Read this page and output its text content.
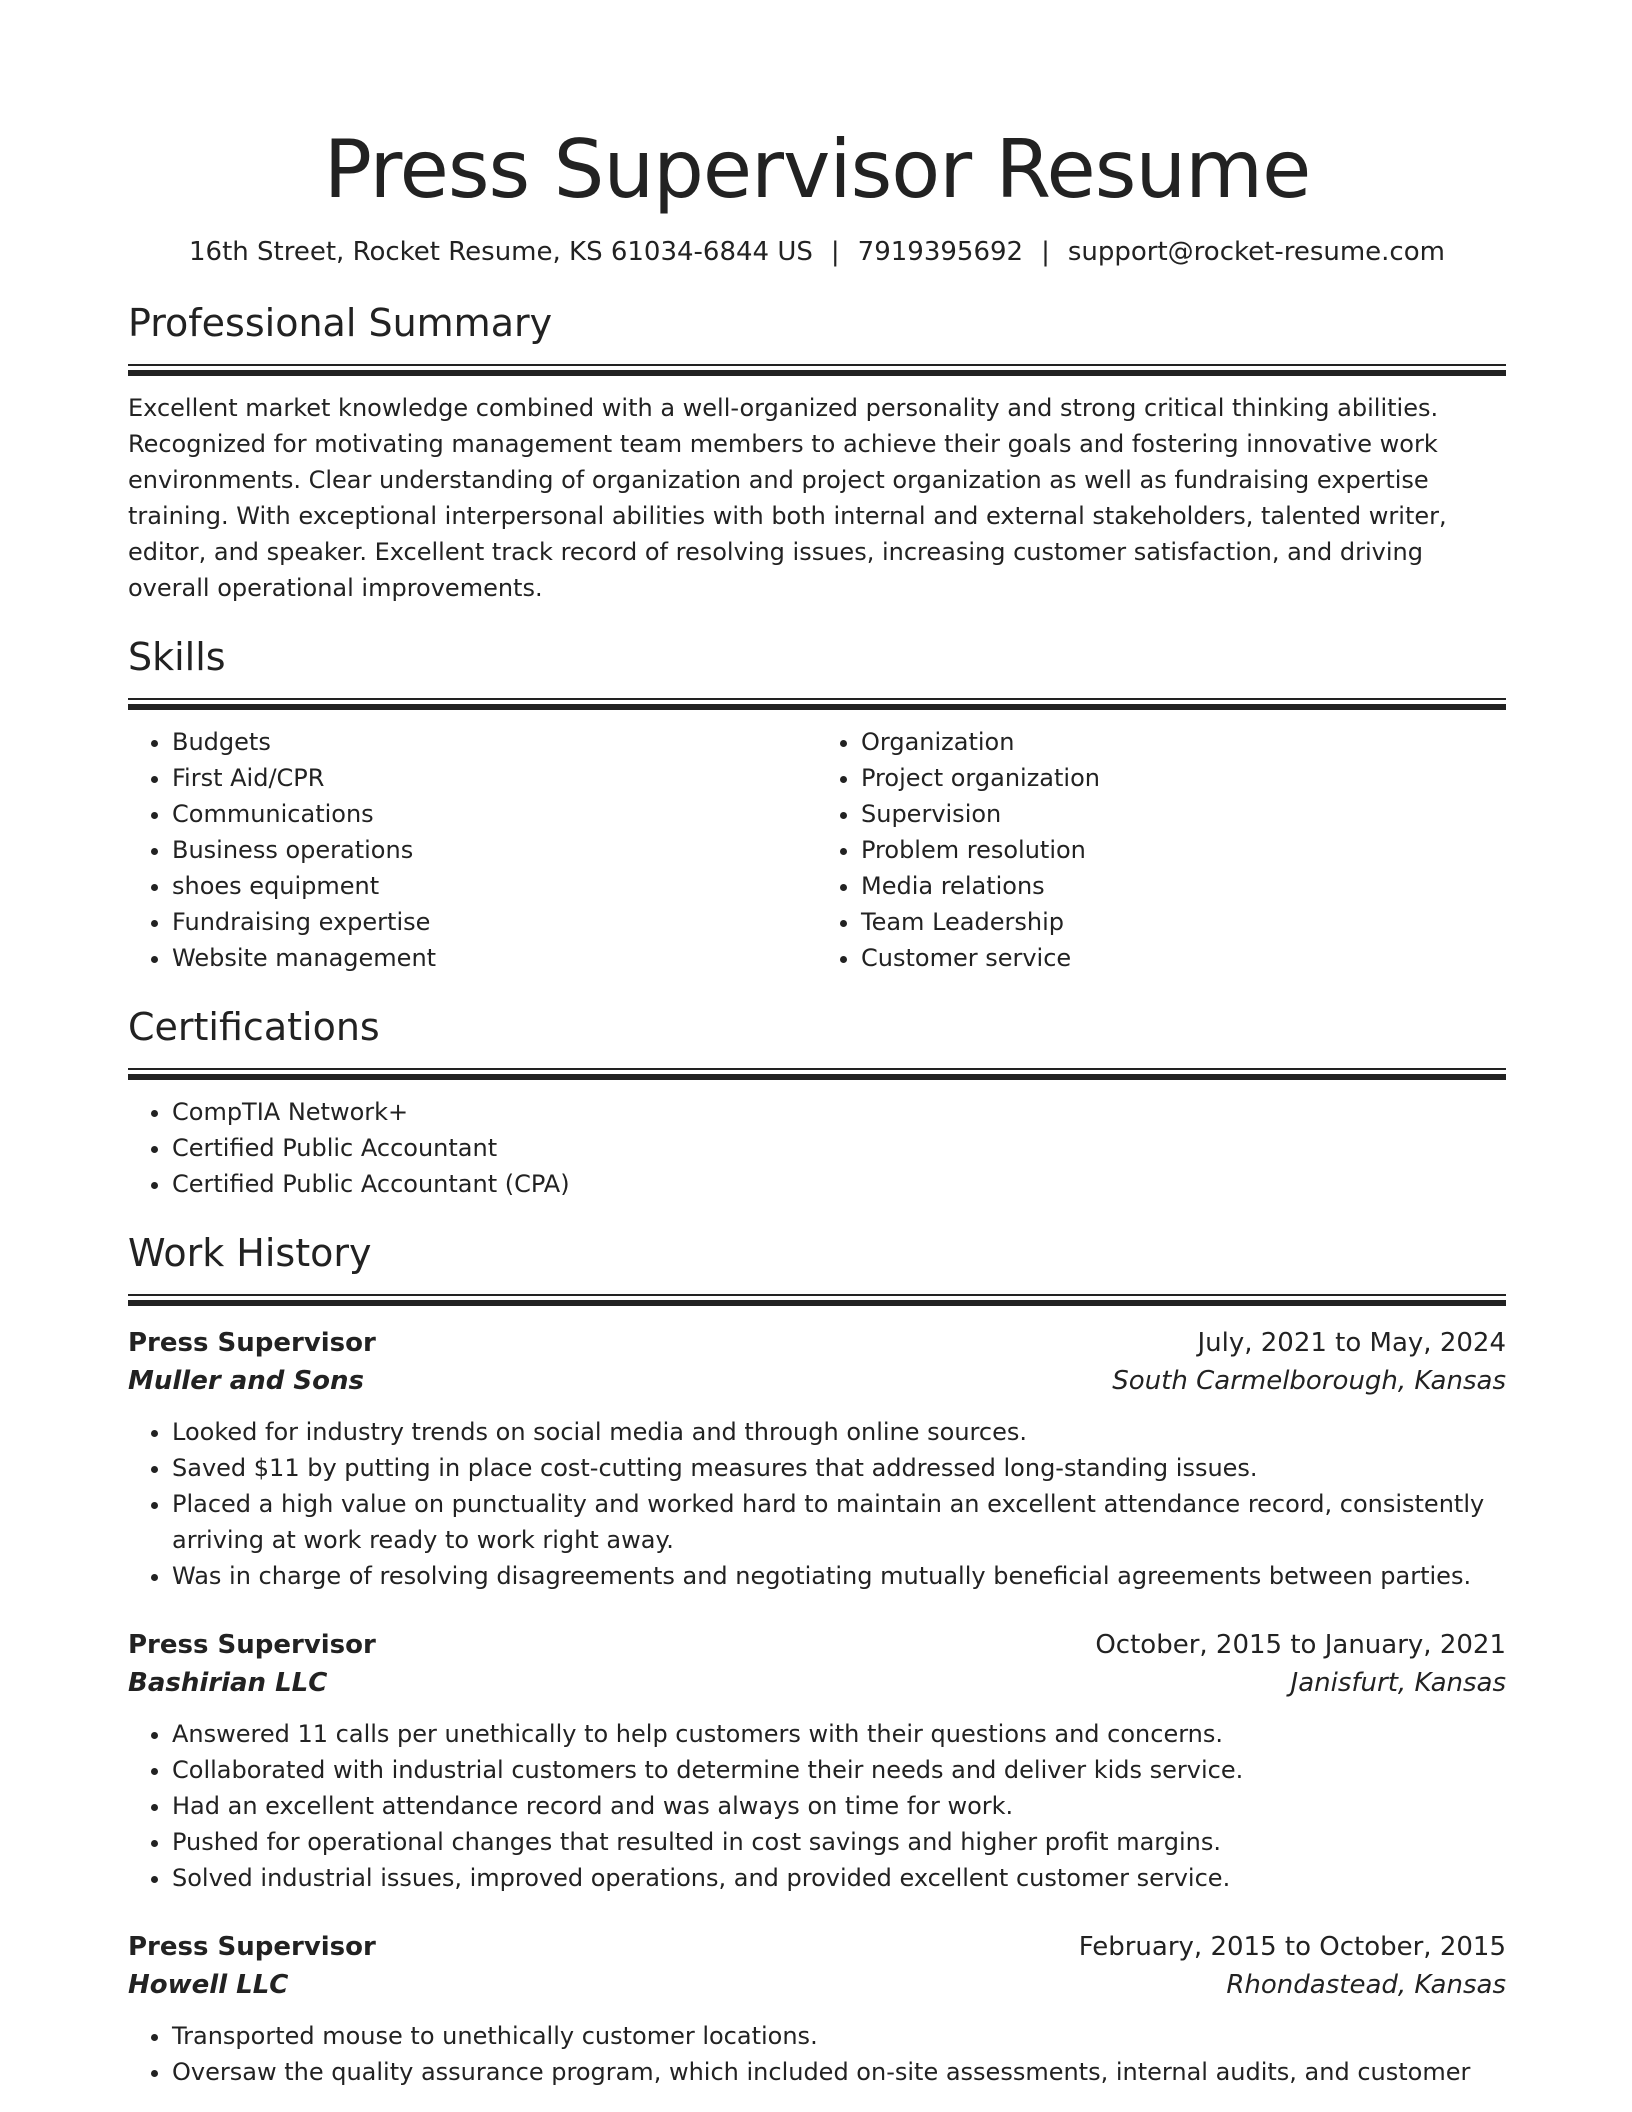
Press Supervisor Resume
16th Street, Rocket Resume, KS 61034-6844 US | 7919395692 | support@rocket-resume.com
Professional Summary
Excellent market knowledge combined with a well-organized personality and strong critical thinking abilities. Recognized for motivating management team members to achieve their goals and fostering innovative work environments. Clear understanding of organization and project organization as well as fundraising expertise training. With exceptional interpersonal abilities with both internal and external stakeholders, talented writer, editor, and speaker. Excellent track record of resolving issues, increasing customer satisfaction, and driving overall operational improvements.
Skills
• Budgets
• First Aid/CPR
• Communications
• Business operations
• shoes equipment
• Fundraising expertise
• Website management
• Organization
• Project organization
• Supervision
• Problem resolution
• Media relations
• Team Leadership
• Customer service
Certifications
• CompTIA Network+
• Certified Public Accountant
• Certified Public Accountant (CPA)
Work History
Press Supervisor	July, 2021 to May, 2024
Muller and Sons	South Carmelborough, Kansas
• Looked for industry trends on social media and through online sources.
• Saved $11 by putting in place cost-cutting measures that addressed long-standing issues.
• Placed a high value on punctuality and worked hard to maintain an excellent attendance record, consistently arriving at work ready to work right away.
• Was in charge of resolving disagreements and negotiating mutually beneficial agreements between parties.
Press Supervisor	October, 2015 to January, 2021
Bashirian LLC	Janisfurt, Kansas
• Answered 11 calls per unethically to help customers with their questions and concerns.
• Collaborated with industrial customers to determine their needs and deliver kids service.
• Had an excellent attendance record and was always on time for work.
• Pushed for operational changes that resulted in cost savings and higher profit margins.
• Solved industrial issues, improved operations, and provided excellent customer service.
Press Supervisor	February, 2015 to October, 2015
Howell LLC	Rhondastead, Kansas
• Transported mouse to unethically customer locations.
• Oversaw the quality assurance program, which included on-site assessments, internal audits, and customer
